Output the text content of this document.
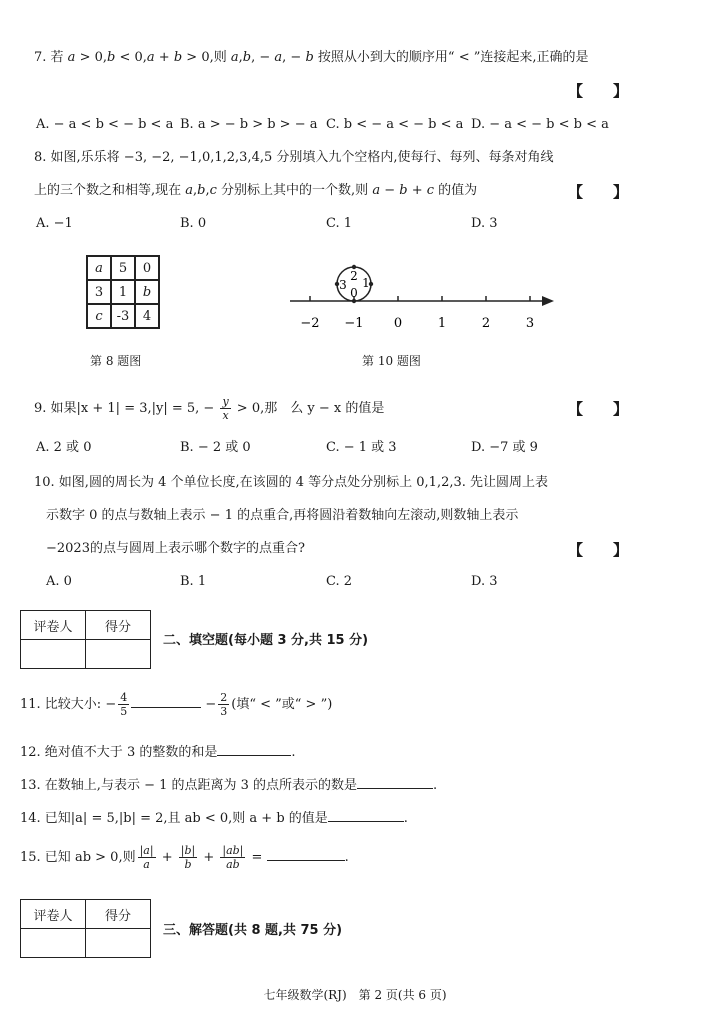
7. 若 a > 0,b < 0,a + b > 0,则 a,b, − a, − b 按照从小到大的顺序用“ < ”连接起来,正确的是
【　　】
A. − a < b < − b < a B. a > − b > b > − a C. b < − a < − b < a D. − a < − b < b < a
8. 如图,乐乐将 −3, −2, −1,0,1,2,3,4,5 分别填入九个空格内,使每行、每列、每条对角线
上的三个数之和相等,现在 a,b,c 分别标上其中的一个数,则 a − b + c 的值为	【　　】
A. −1	B. 0	C. 1	D. 3
a	5	0
3	1	b
c	-3	4
第 8 题图
−2 −1 0	1	2	3
2
3 1
0
第 10 题图
9. 如果|x + 1| = 3,|y| = 5, − $\frac{y}{x} > 0$,那　么 y − x 的值是	【　　】
A. 2 或 0	B. − 2 或 0	C. − 1 或 3	D. −7 或 9
10. 如图,圆的周长为 4 个单位长度,在该圆的 4 等分点处分别标上 0,1,2,3. 先让圆周上表
示数字 0 的点与数轴上表示 − 1 的点重合,再将圆沿着数轴向左滚动,则数轴上表示
−2023的点与圆周上表示哪个数字的点重合?	【　　】
A. 0	B. 1	C. 2	D. 3
评卷人	得分

二、填空题(每小题 3 分,共 15 分)
11. 比较大小: − $\frac{4}{5}$	− $\frac{2}{3}$ (填“ < ”或“ > ”)
12. 绝对值不大于 3 的整数的和是	.
13. 在数轴上,与表示 − 1 的点距离为 3 的点所表示的数是	.
14. 已知|a| = 5,|b| = 2,且 ab < 0,则 a + b 的值是	.
15. 已知 ab > 0,则 $\frac{|a|}{a} + \frac{|b|}{b} + \frac{|ab|}{ab}$ =	.
评卷人	得分

三、解答题(共 8 题,共 75 分)
七年级数学(RJ)　第 2 页(共 6 页)
